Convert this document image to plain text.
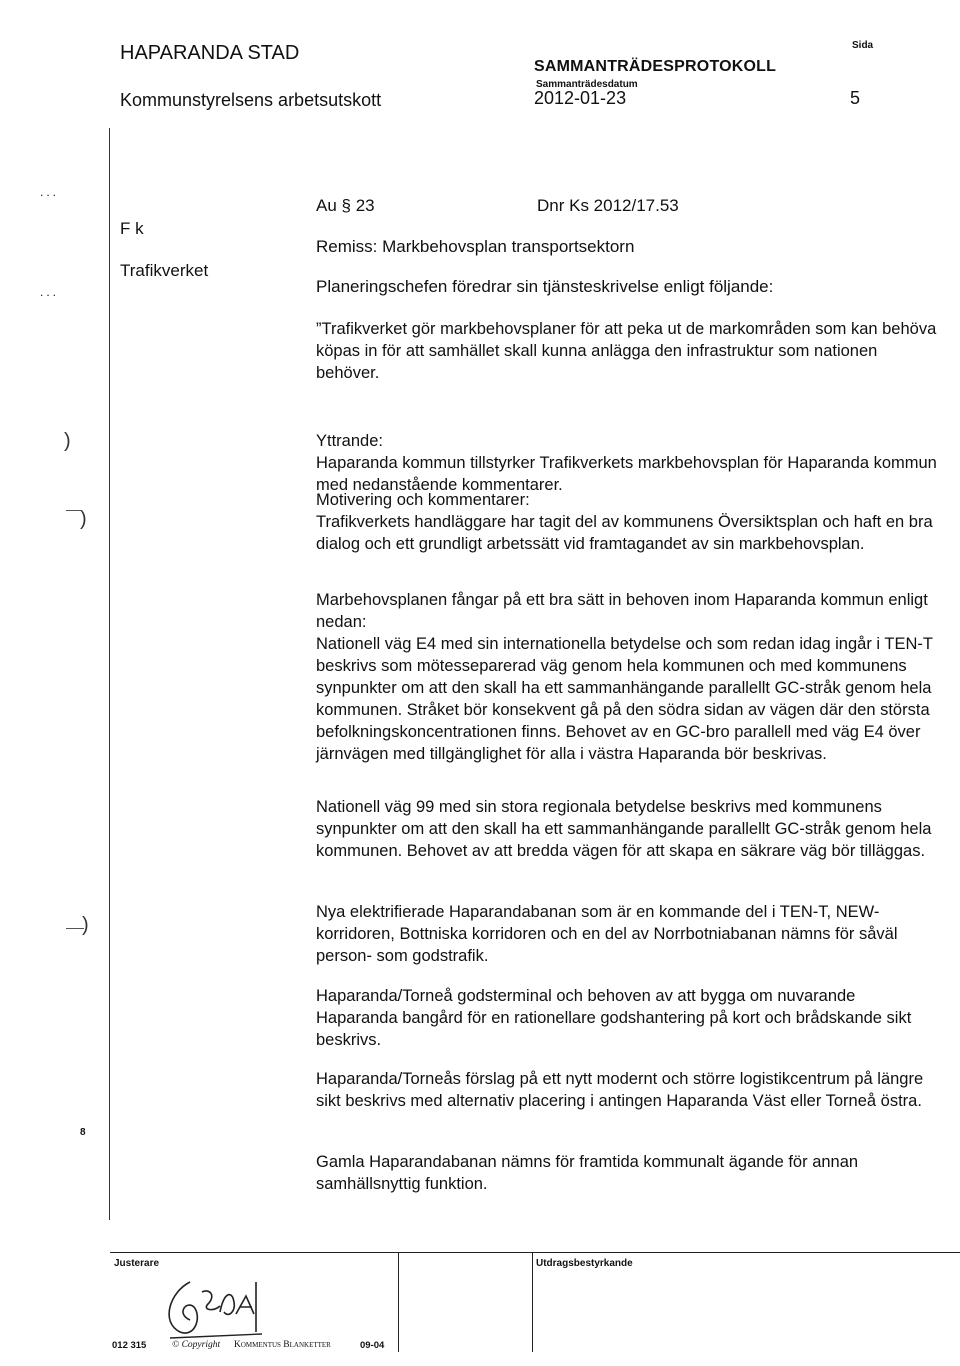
HAPARANDA STAD
Kommunstyrelsens arbetsutskott
SAMMANTRÄDESPROTOKOLL
Sammanträdesdatum
2012-01-23
Sida
5
...
...
)
)
)
8
F k
Trafikverket
Au § 23	Dnr Ks 2012/17.53
Remiss: Markbehovsplan transportsektorn
Planeringschefen föredrar sin tjänsteskrivelse enligt följande:
”Trafikverket gör markbehovsplaner för att peka ut de markområden som kan behöva köpas in för att samhället skall kunna anlägga den infrastruktur som nationen behöver.
Yttrande:
Haparanda kommun tillstyrker Trafikverkets markbehovsplan för Haparanda kommun med nedanstående kommentarer.
Motivering och kommentarer:
Trafikverkets handläggare har tagit del av kommunens Översiktsplan och haft en bra dialog och ett grundligt arbetssätt vid framtagandet av sin markbehovsplan.
Marbehovsplanen fångar på ett bra sätt in behoven inom Haparanda kommun enligt nedan:
Nationell väg E4 med sin internationella betydelse och som redan idag ingår i TEN-T beskrivs som mötesseparerad väg genom hela kommunen och med kommunens synpunkter om att den skall ha ett sammanhängande parallellt GC-stråk genom hela kommunen. Stråket bör konsekvent gå på den södra sidan av vägen där den största befolkningskoncentrationen finns. Behovet av en GC-bro parallell med väg E4 över järnvägen med tillgänglighet för alla i västra Haparanda bör beskrivas.
Nationell väg 99 med sin stora regionala betydelse beskrivs med kommunens synpunkter om att den skall ha ett sammanhängande parallellt GC-stråk genom hela kommunen. Behovet av att bredda vägen för att skapa en säkrare väg bör tilläggas.
Nya elektrifierade Haparandabanan som är en kommande del i TEN-T, NEW-korridoren, Bottniska korridoren och en del av Norrbotniabanan nämns för såväl person- som godstrafik.
Haparanda/Torneå godsterminal och behoven av att bygga om nuvarande Haparanda bangård för en rationellare godshantering på kort och brådskande sikt beskrivs.
Haparanda/Torneås förslag på ett nytt modernt och större logistikcentrum på längre sikt beskrivs med alternativ placering i antingen Haparanda Väst eller Torneå östra.
Gamla Haparandabanan nämns för framtida kommunalt ägande för annan samhällsnyttig funktion.
Justerare	Utdragsbestyrkande
012 315	© Copyright Kommentus Blanketter	09-04
